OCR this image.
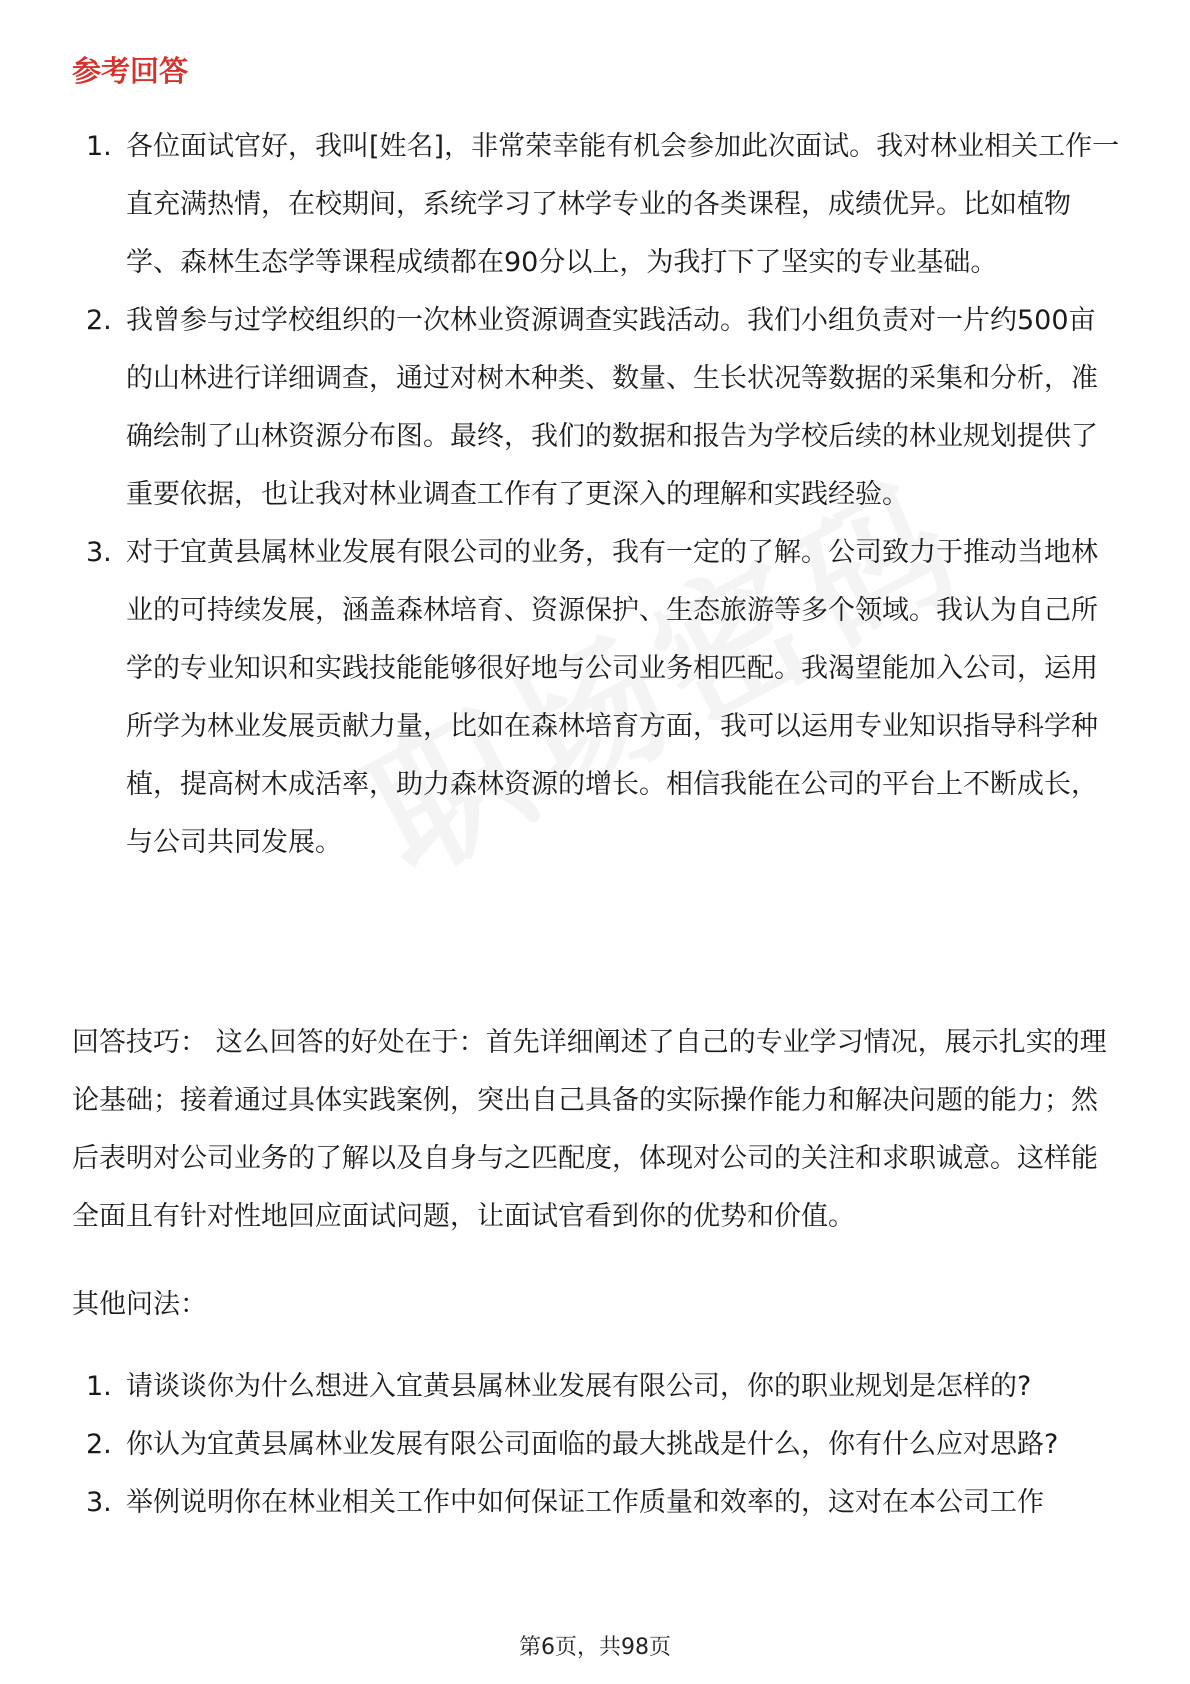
参考回答
1. 各位面试官好，我叫[姓名]，非常荣幸能有机会参加此次面试。我对林业相关工作一直充满热情，在校期间，系统学习了林学专业的各类课程，成绩优异。比如植物学、森林生态学等课程成绩都在90分以上，为我打下了坚实的专业基础。
2. 我曾参与过学校组织的一次林业资源调查实践活动。我们小组负责对一片约500亩的山林进行详细调查，通过对树木种类、数量、生长状况等数据的采集和分析，准确绘制了山林资源分布图。最终，我们的数据和报告为学校后续的林业规划提供了重要依据，也让我对林业调查工作有了更深入的理解和实践经验。
3. 对于宜黄县属林业发展有限公司的业务，我有一定的了解。公司致力于推动当地林业的可持续发展，涵盖森林培育、资源保护、生态旅游等多个领域。我认为自己所学的专业知识和实践技能能够很好地与公司业务相匹配。我渴望能加入公司，运用所学为林业发展贡献力量，比如在森林培育方面，我可以运用专业知识指导科学种植，提高树木成活率，助力森林资源的增长。相信我能在公司的平台上不断成长，与公司共同发展。

回答技巧： 这么回答的好处在于：首先详细阐述了自己的专业学习情况，展示扎实的理论基础；接着通过具体实践案例，突出自己具备的实际操作能力和解决问题的能力；然后表明对公司业务的了解以及自身与之匹配度，体现对公司的关注和求职诚意。这样能全面且有针对性地回应面试问题，让面试官看到你的优势和价值。

其他问法：

1. 请谈谈你为什么想进入宜黄县属林业发展有限公司，你的职业规划是怎样的?
2. 你认为宜黄县属林业发展有限公司面临的最大挑战是什么，你有什么应对思路?
3. 举例说明你在林业相关工作中如何保证工作质量和效率的，这对在本公司工作

第6页，共98页
